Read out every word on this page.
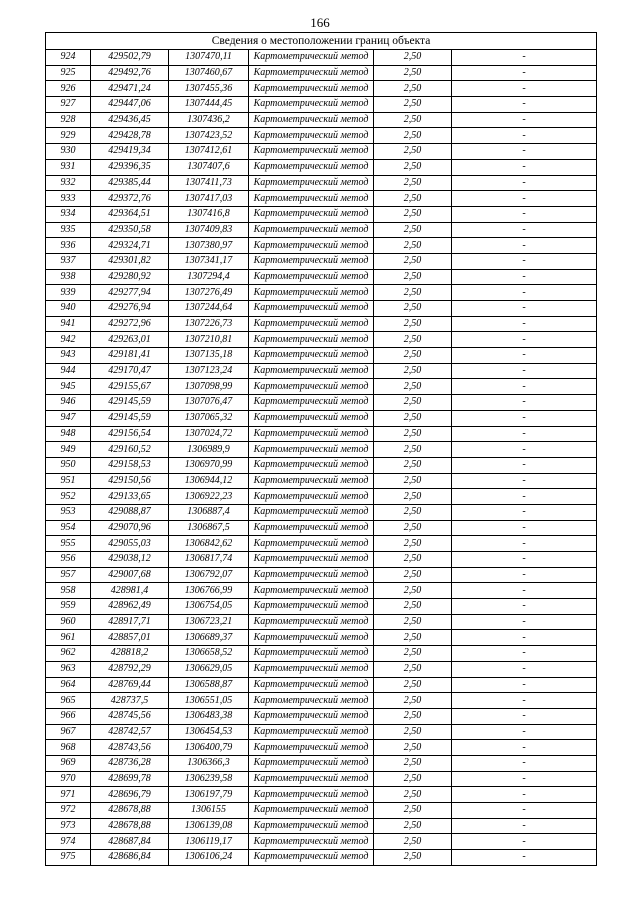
166
Сведения о местоположении границ объекта					
924	429502,79	1307470,11	Картометрический метод	2,50	-
925	429492,76	1307460,67	Картометрический метод	2,50	-
926	429471,24	1307455,36	Картометрический метод	2,50	-
927	429447,06	1307444,45	Картометрический метод	2,50	-
928	429436,45	1307436,2	Картометрический метод	2,50	-
929	429428,78	1307423,52	Картометрический метод	2,50	-
930	429419,34	1307412,61	Картометрический метод	2,50	-
931	429396,35	1307407,6	Картометрический метод	2,50	-
932	429385,44	1307411,73	Картометрический метод	2,50	-
933	429372,76	1307417,03	Картометрический метод	2,50	-
934	429364,51	1307416,8	Картометрический метод	2,50	-
935	429350,58	1307409,83	Картометрический метод	2,50	-
936	429324,71	1307380,97	Картометрический метод	2,50	-
937	429301,82	1307341,17	Картометрический метод	2,50	-
938	429280,92	1307294,4	Картометрический метод	2,50	-
939	429277,94	1307276,49	Картометрический метод	2,50	-
940	429276,94	1307244,64	Картометрический метод	2,50	-
941	429272,96	1307226,73	Картометрический метод	2,50	-
942	429263,01	1307210,81	Картометрический метод	2,50	-
943	429181,41	1307135,18	Картометрический метод	2,50	-
944	429170,47	1307123,24	Картометрический метод	2,50	-
945	429155,67	1307098,99	Картометрический метод	2,50	-
946	429145,59	1307076,47	Картометрический метод	2,50	-
947	429145,59	1307065,32	Картометрический метод	2,50	-
948	429156,54	1307024,72	Картометрический метод	2,50	-
949	429160,52	1306989,9	Картометрический метод	2,50	-
950	429158,53	1306970,99	Картометрический метод	2,50	-
951	429150,56	1306944,12	Картометрический метод	2,50	-
952	429133,65	1306922,23	Картометрический метод	2,50	-
953	429088,87	1306887,4	Картометрический метод	2,50	-
954	429070,96	1306867,5	Картометрический метод	2,50	-
955	429055,03	1306842,62	Картометрический метод	2,50	-
956	429038,12	1306817,74	Картометрический метод	2,50	-
957	429007,68	1306792,07	Картометрический метод	2,50	-
958	428981,4	1306766,99	Картометрический метод	2,50	-
959	428962,49	1306754,05	Картометрический метод	2,50	-
960	428917,71	1306723,21	Картометрический метод	2,50	-
961	428857,01	1306689,37	Картометрический метод	2,50	-
962	428818,2	1306658,52	Картометрический метод	2,50	-
963	428792,29	1306629,05	Картометрический метод	2,50	-
964	428769,44	1306588,87	Картометрический метод	2,50	-
965	428737,5	1306551,05	Картометрический метод	2,50	-
966	428745,56	1306483,38	Картометрический метод	2,50	-
967	428742,57	1306454,53	Картометрический метод	2,50	-
968	428743,56	1306400,79	Картометрический метод	2,50	-
969	428736,28	1306366,3	Картометрический метод	2,50	-
970	428699,78	1306239,58	Картометрический метод	2,50	-
971	428696,79	1306197,79	Картометрический метод	2,50	-
972	428678,88	1306155	Картометрический метод	2,50	-
973	428678,88	1306139,08	Картометрический метод	2,50	-
974	428687,84	1306119,17	Картометрический метод	2,50	-
975	428686,84	1306106,24	Картометрический метод	2,50	-
